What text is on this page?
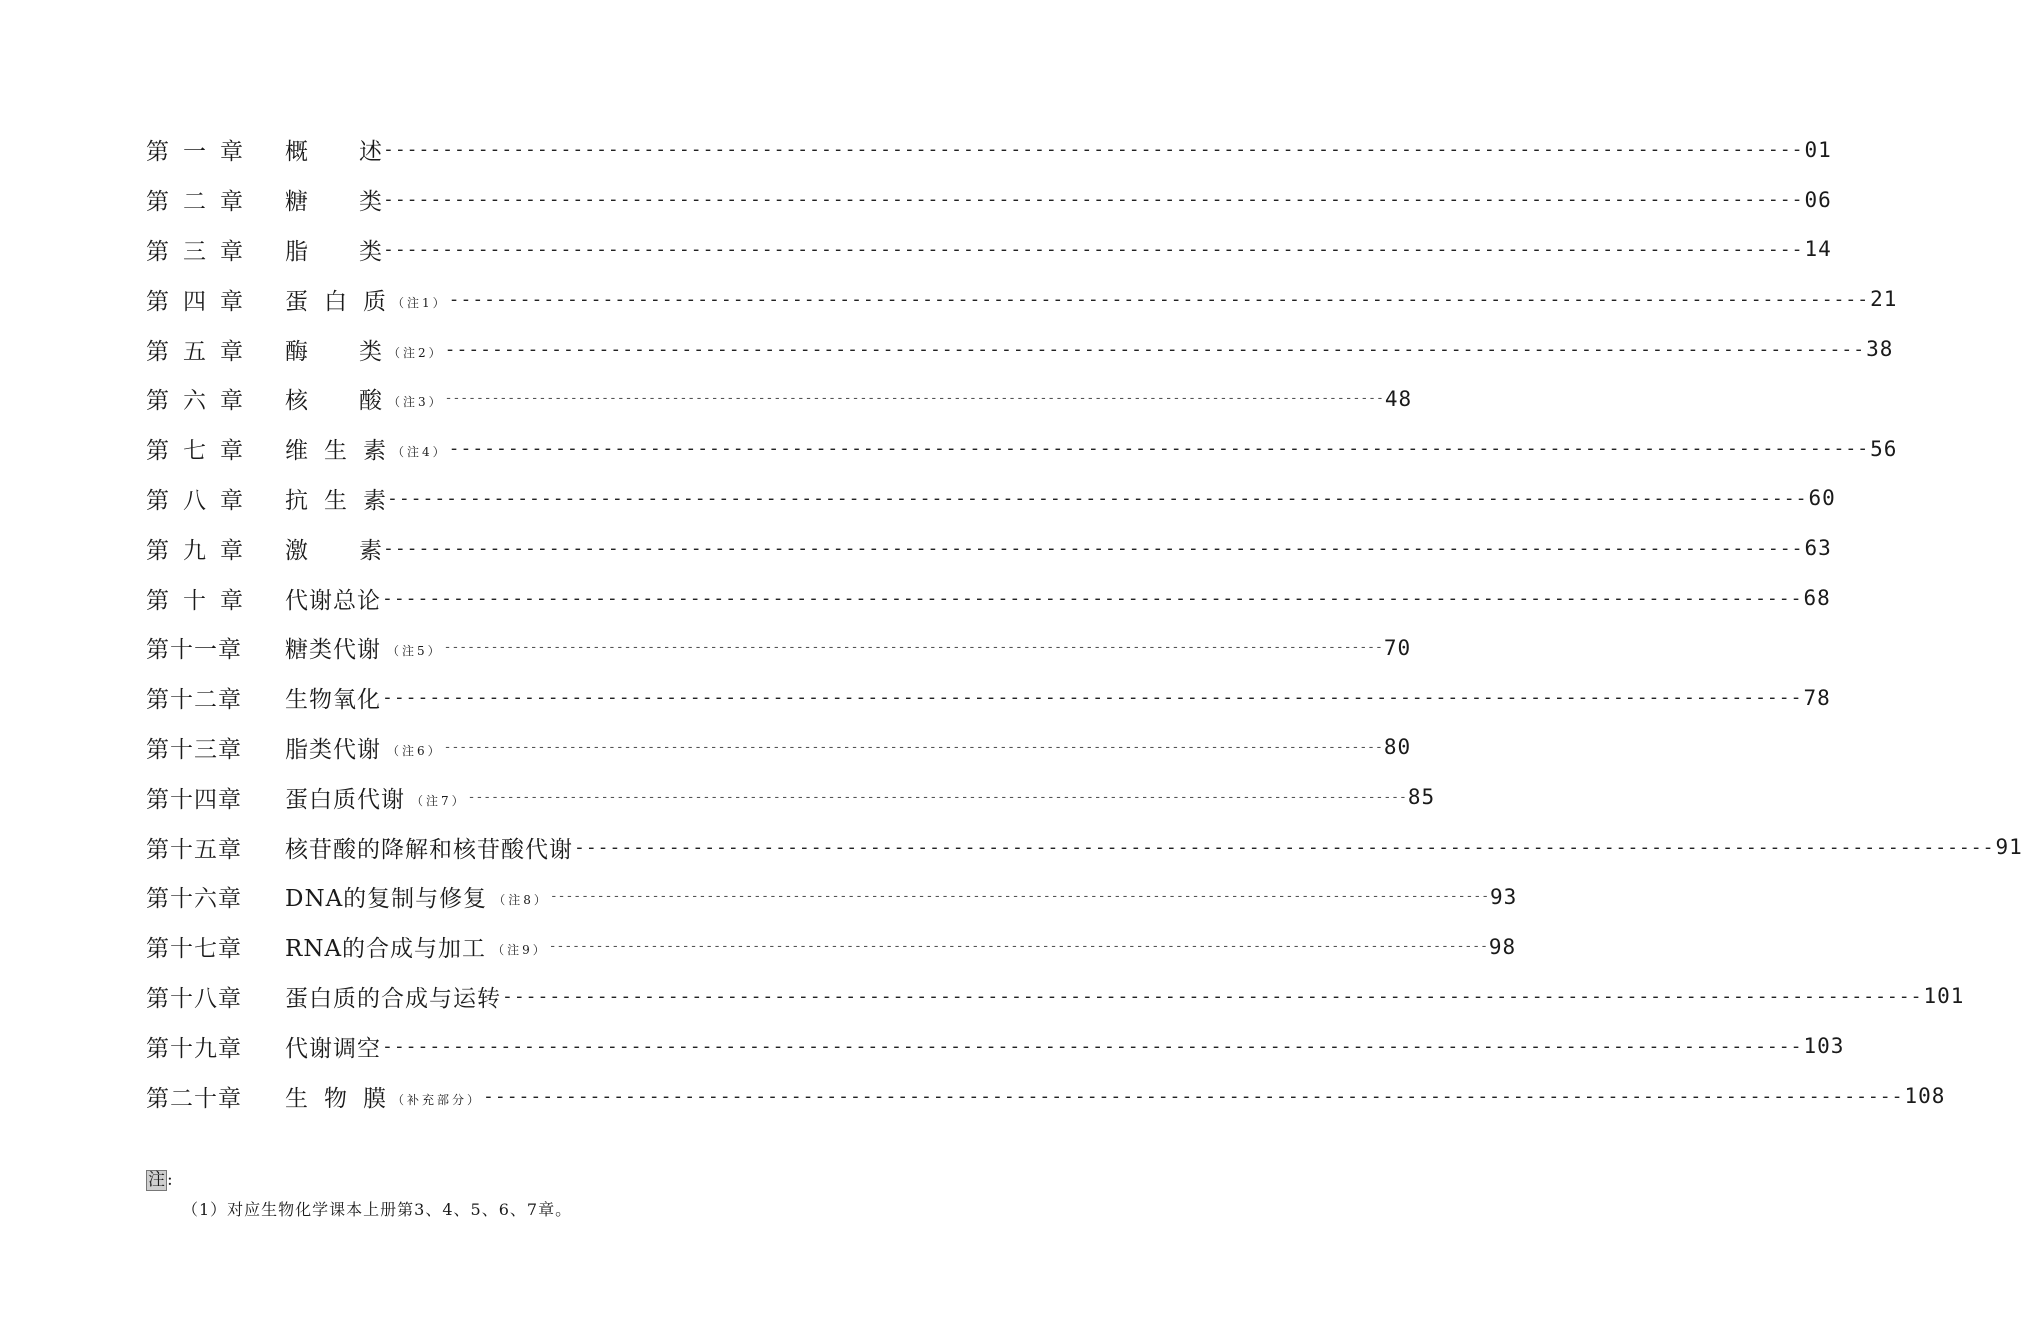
第一章	概述 ------------------------------------------------------------------------------------------------------------------------ 01
第二章	糖类 ------------------------------------------------------------------------------------------------------------------------ 06
第三章	脂类 ------------------------------------------------------------------------------------------------------------------------ 14
第四章	蛋白质 （注1） ------------------------------------------------------------------------------------------------------------------------ 21
第五章	酶类 （注2） ------------------------------------------------------------------------------------------------------------------------ 38
第六章	核酸 （注3） ------------------------------------------------------------------------------------------------------------------------ 48
第七章	维生素 （注4） ------------------------------------------------------------------------------------------------------------------------ 56
第八章	抗生素 ------------------------------------------------------------------------------------------------------------------------ 60
第九章	激素 ------------------------------------------------------------------------------------------------------------------------ 63
第十章	代谢总论 ------------------------------------------------------------------------------------------------------------------------ 68
第十一章	糖类代谢 （注5） ------------------------------------------------------------------------------------------------------------------------ 70
第十二章	生物氧化 ------------------------------------------------------------------------------------------------------------------------ 78
第十三章	脂类代谢 （注6） ------------------------------------------------------------------------------------------------------------------------ 80
第十四章	蛋白质代谢 （注7） ------------------------------------------------------------------------------------------------------------------------ 85
第十五章	核苷酸的降解和核苷酸代谢 ------------------------------------------------------------------------------------------------------------------------ 91
第十六章	DNA的复制与修复 （注8） ------------------------------------------------------------------------------------------------------------------------ 93
第十七章	RNA的合成与加工 （注9） ------------------------------------------------------------------------------------------------------------------------ 98
第十八章	蛋白质的合成与运转 ------------------------------------------------------------------------------------------------------------------------ 101
第十九章	代谢调空 ------------------------------------------------------------------------------------------------------------------------ 103
第二十章	生物膜 （补充部分） ------------------------------------------------------------------------------------------------------------------------ 108
注 :
（1）对应生物化学课本上册第3、4、5、6、7章。
